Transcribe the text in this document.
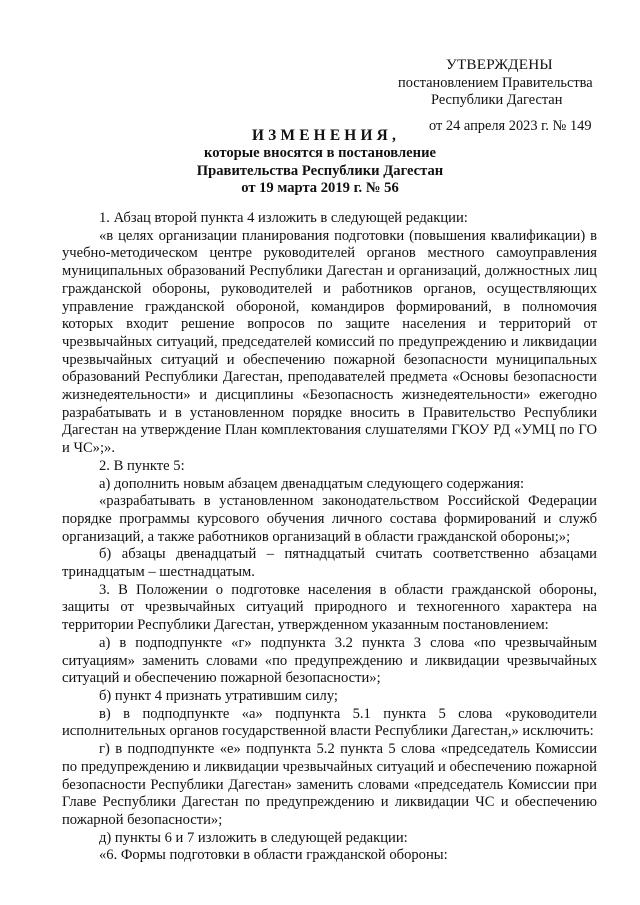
УТВЕРЖДЕНЫ
постановлением Правительства
Республики Дагестан
от 24 апреля 2023 г. № 149
ИЗМЕНЕНИЯ,
которые вносятся в постановление
Правительства Республики Дагестан
от 19 марта 2019 г. № 56

1. Абзац второй пункта 4 изложить в следующей редакции:

«в целях организации планирования подготовки (повышения квалификации) в учебно-методическом центре руководителей органов местного самоуправления муниципальных образований Республики Дагестан и организаций, должностных лиц гражданской обороны, руководителей и работников органов, осуществляющих управление гражданской обороной, командиров формирований, в полномочия которых входит решение вопросов по защите населения и территорий от чрезвычайных ситуаций, председателей комиссий по предупреждению и ликвидации чрезвычайных ситуаций и обеспечению пожарной безопасности муниципальных образований Республики Дагестан, преподавателей предмета «Основы безопасности жизнедеятельности» и дисциплины «Безопасность жизнедеятельности» ежегодно разрабатывать и в установленном порядке вносить в Правительство Республики Дагестан на утверждение План комплектования слушателями ГКОУ РД «УМЦ по ГО и ЧС»;».

2. В пункте 5:

а) дополнить новым абзацем двенадцатым следующего содержания:

«разрабатывать в установленном законодательством Российской Федерации порядке программы курсового обучения личного состава формирований и служб организаций, а также работников организаций в области гражданской обороны;»;

б) абзацы двенадцатый – пятнадцатый считать соответственно абзацами тринадцатым – шестнадцатым.

3. В Положении о подготовке населения в области гражданской обороны, защиты от чрезвычайных ситуаций природного и техногенного характера на территории Республики Дагестан, утвержденном указанным постановлением:

а) в подподпункте «г» подпункта 3.2 пункта 3 слова «по чрезвычайным ситуациям» заменить словами «по предупреждению и ликвидации чрезвычайных ситуаций и обеспечению пожарной безопасности»;

б) пункт 4 признать утратившим силу;

в) в подподпункте «а» подпункта 5.1 пункта 5 слова «руководители исполнительных органов государственной власти Республики Дагестан,» исключить:

г) в подподпункте «е» подпункта 5.2 пункта 5 слова «председатель Комиссии по предупреждению и ликвидации чрезвычайных ситуаций и обеспечению пожарной безопасности Республики Дагестан» заменить словами «председатель Комиссии при Главе Республики Дагестан по предупреждению и ликвидации ЧС и обеспечению пожарной безопасности»;

д) пункты 6 и 7 изложить в следующей редакции:

«6. Формы подготовки в области гражданской обороны:
